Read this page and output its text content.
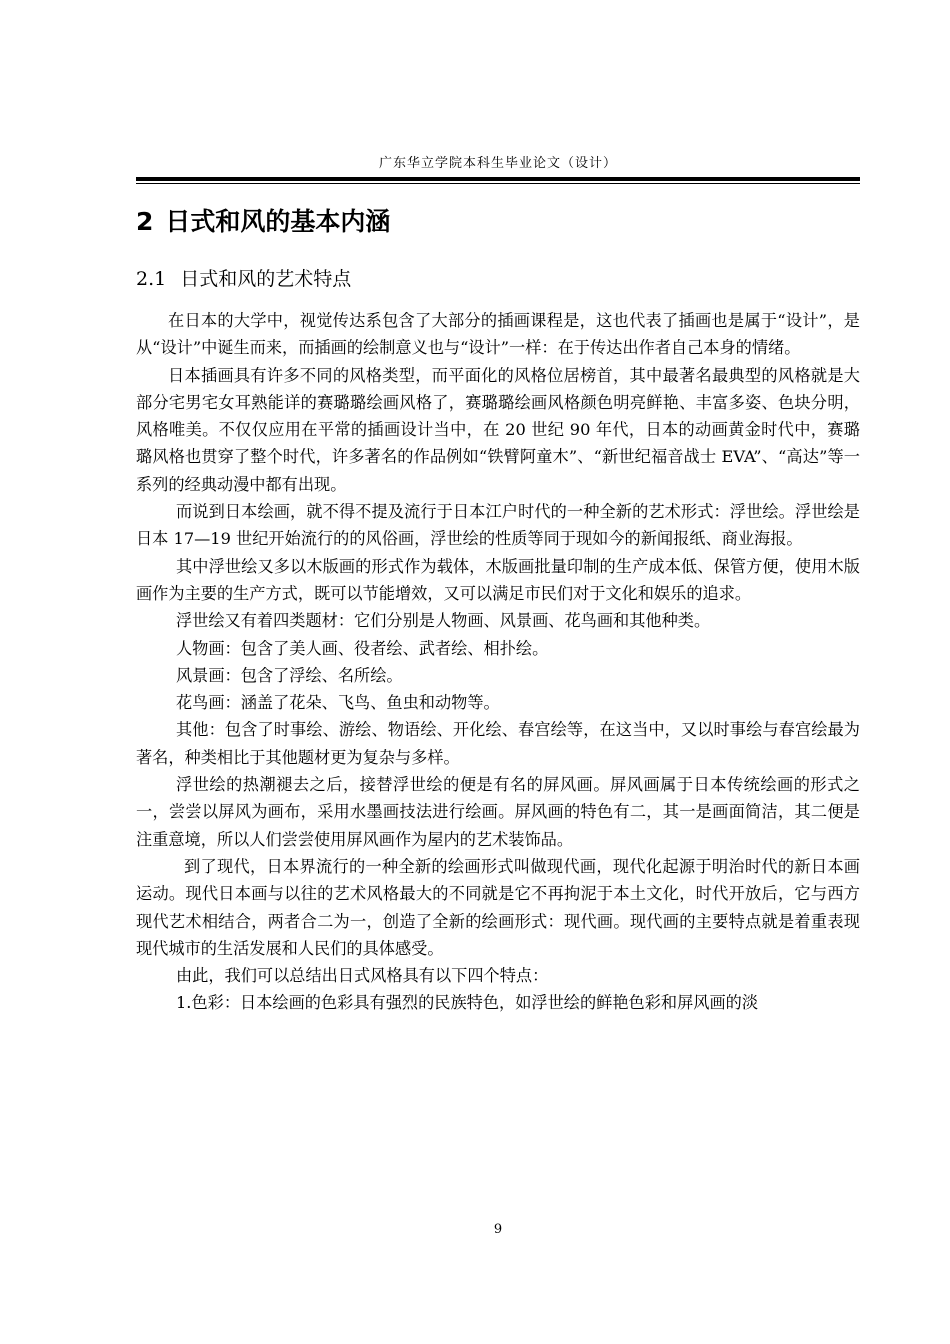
广东华立学院本科生毕业论文（设计）
2 日式和风的基本内涵
2.1 日式和风的艺术特点

在日本的大学中，视觉传达系包含了大部分的插画课程是，这也代表了插画也是属于“设计”，是从“设计”中诞生而来，而插画的绘制意义也与“设计”一样：在于传达出作者自己本身的情绪。

日本插画具有许多不同的风格类型，而平面化的风格位居榜首，其中最著名最典型的风格就是大部分宅男宅女耳熟能详的赛璐璐绘画风格了，赛璐璐绘画风格颜色明亮鲜艳、丰富多姿、色块分明，风格唯美。不仅仅应用在平常的插画设计当中，在 20 世纪 90 年代，日本的动画黄金时代中，赛璐璐风格也贯穿了整个时代，许多著名的作品例如“铁臂阿童木”、“新世纪福音战士 EVA”、“高达”等一系列的经典动漫中都有出现。

而说到日本绘画，就不得不提及流行于日本江户时代的一种全新的艺术形式：浮世绘。浮世绘是日本 17—19 世纪开始流行的的风俗画，浮世绘的性质等同于现如今的新闻报纸、商业海报。

其中浮世绘又多以木版画的形式作为载体，木版画批量印制的生产成本低、保管方便，使用木版画作为主要的生产方式，既可以节能增效，又可以满足市民们对于文化和娱乐的追求。

浮世绘又有着四类题材：它们分别是人物画、风景画、花鸟画和其他种类。

人物画：包含了美人画、役者绘、武者绘、相扑绘。

风景画：包含了浮绘、名所绘。

花鸟画：涵盖了花朵、飞鸟、鱼虫和动物等。

其他：包含了时事绘、游绘、物语绘、开化绘、春宫绘等，在这当中，又以时事绘与春宫绘最为著名，种类相比于其他题材更为复杂与多样。

浮世绘的热潮褪去之后，接替浮世绘的便是有名的屏风画。屏风画属于日本传统绘画的形式之一，尝尝以屏风为画布，采用水墨画技法进行绘画。屏风画的特色有二，其一是画面简洁，其二便是注重意境，所以人们尝尝使用屏风画作为屋内的艺术装饰品。

到了现代，日本界流行的一种全新的绘画形式叫做现代画，现代化起源于明治时代的新日本画运动。现代日本画与以往的艺术风格最大的不同就是它不再拘泥于本土文化，时代开放后，它与西方现代艺术相结合，两者合二为一，创造了全新的绘画形式：现代画。现代画的主要特点就是着重表现现代城市的生活发展和人民们的具体感受。

由此，我们可以总结出日式风格具有以下四个特点：

1.色彩：日本绘画的色彩具有强烈的民族特色，如浮世绘的鲜艳色彩和屏风画的淡

9
